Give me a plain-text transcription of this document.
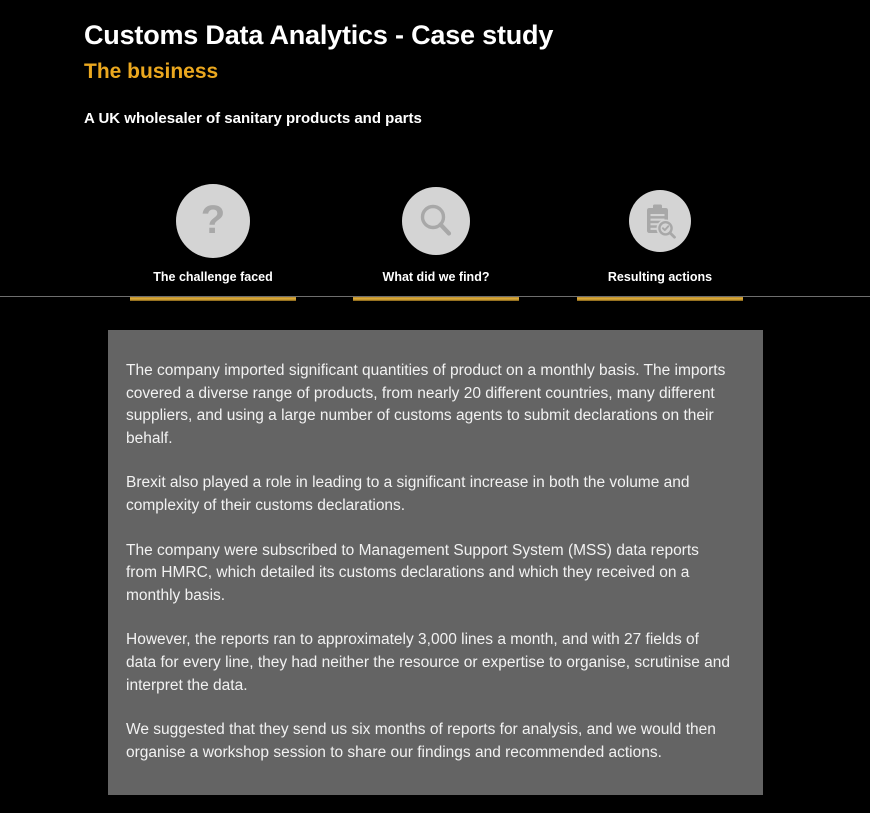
Customs Data Analytics - Case study
The business
A UK wholesaler of sanitary products and parts
?
The challenge faced	What did we find?	Resulting actions

The company imported significant quantities of product on a monthly basis. The imports covered a diverse range of products, from nearly 20 different countries, many different suppliers, and using a large number of customs agents to submit declarations on their behalf.

Brexit also played a role in leading to a significant increase in both the volume and complexity of their customs declarations.

The company were subscribed to Management Support System (MSS) data reports from HMRC, which detailed its customs declarations and which they received on a monthly basis.

However, the reports ran to approximately 3,000 lines a month, and with 27 fields of data for every line, they had neither the resource or expertise to organise, scrutinise and interpret the data.

We suggested that they send us six months of reports for analysis, and we would then organise a workshop session to share our findings and recommended actions.
